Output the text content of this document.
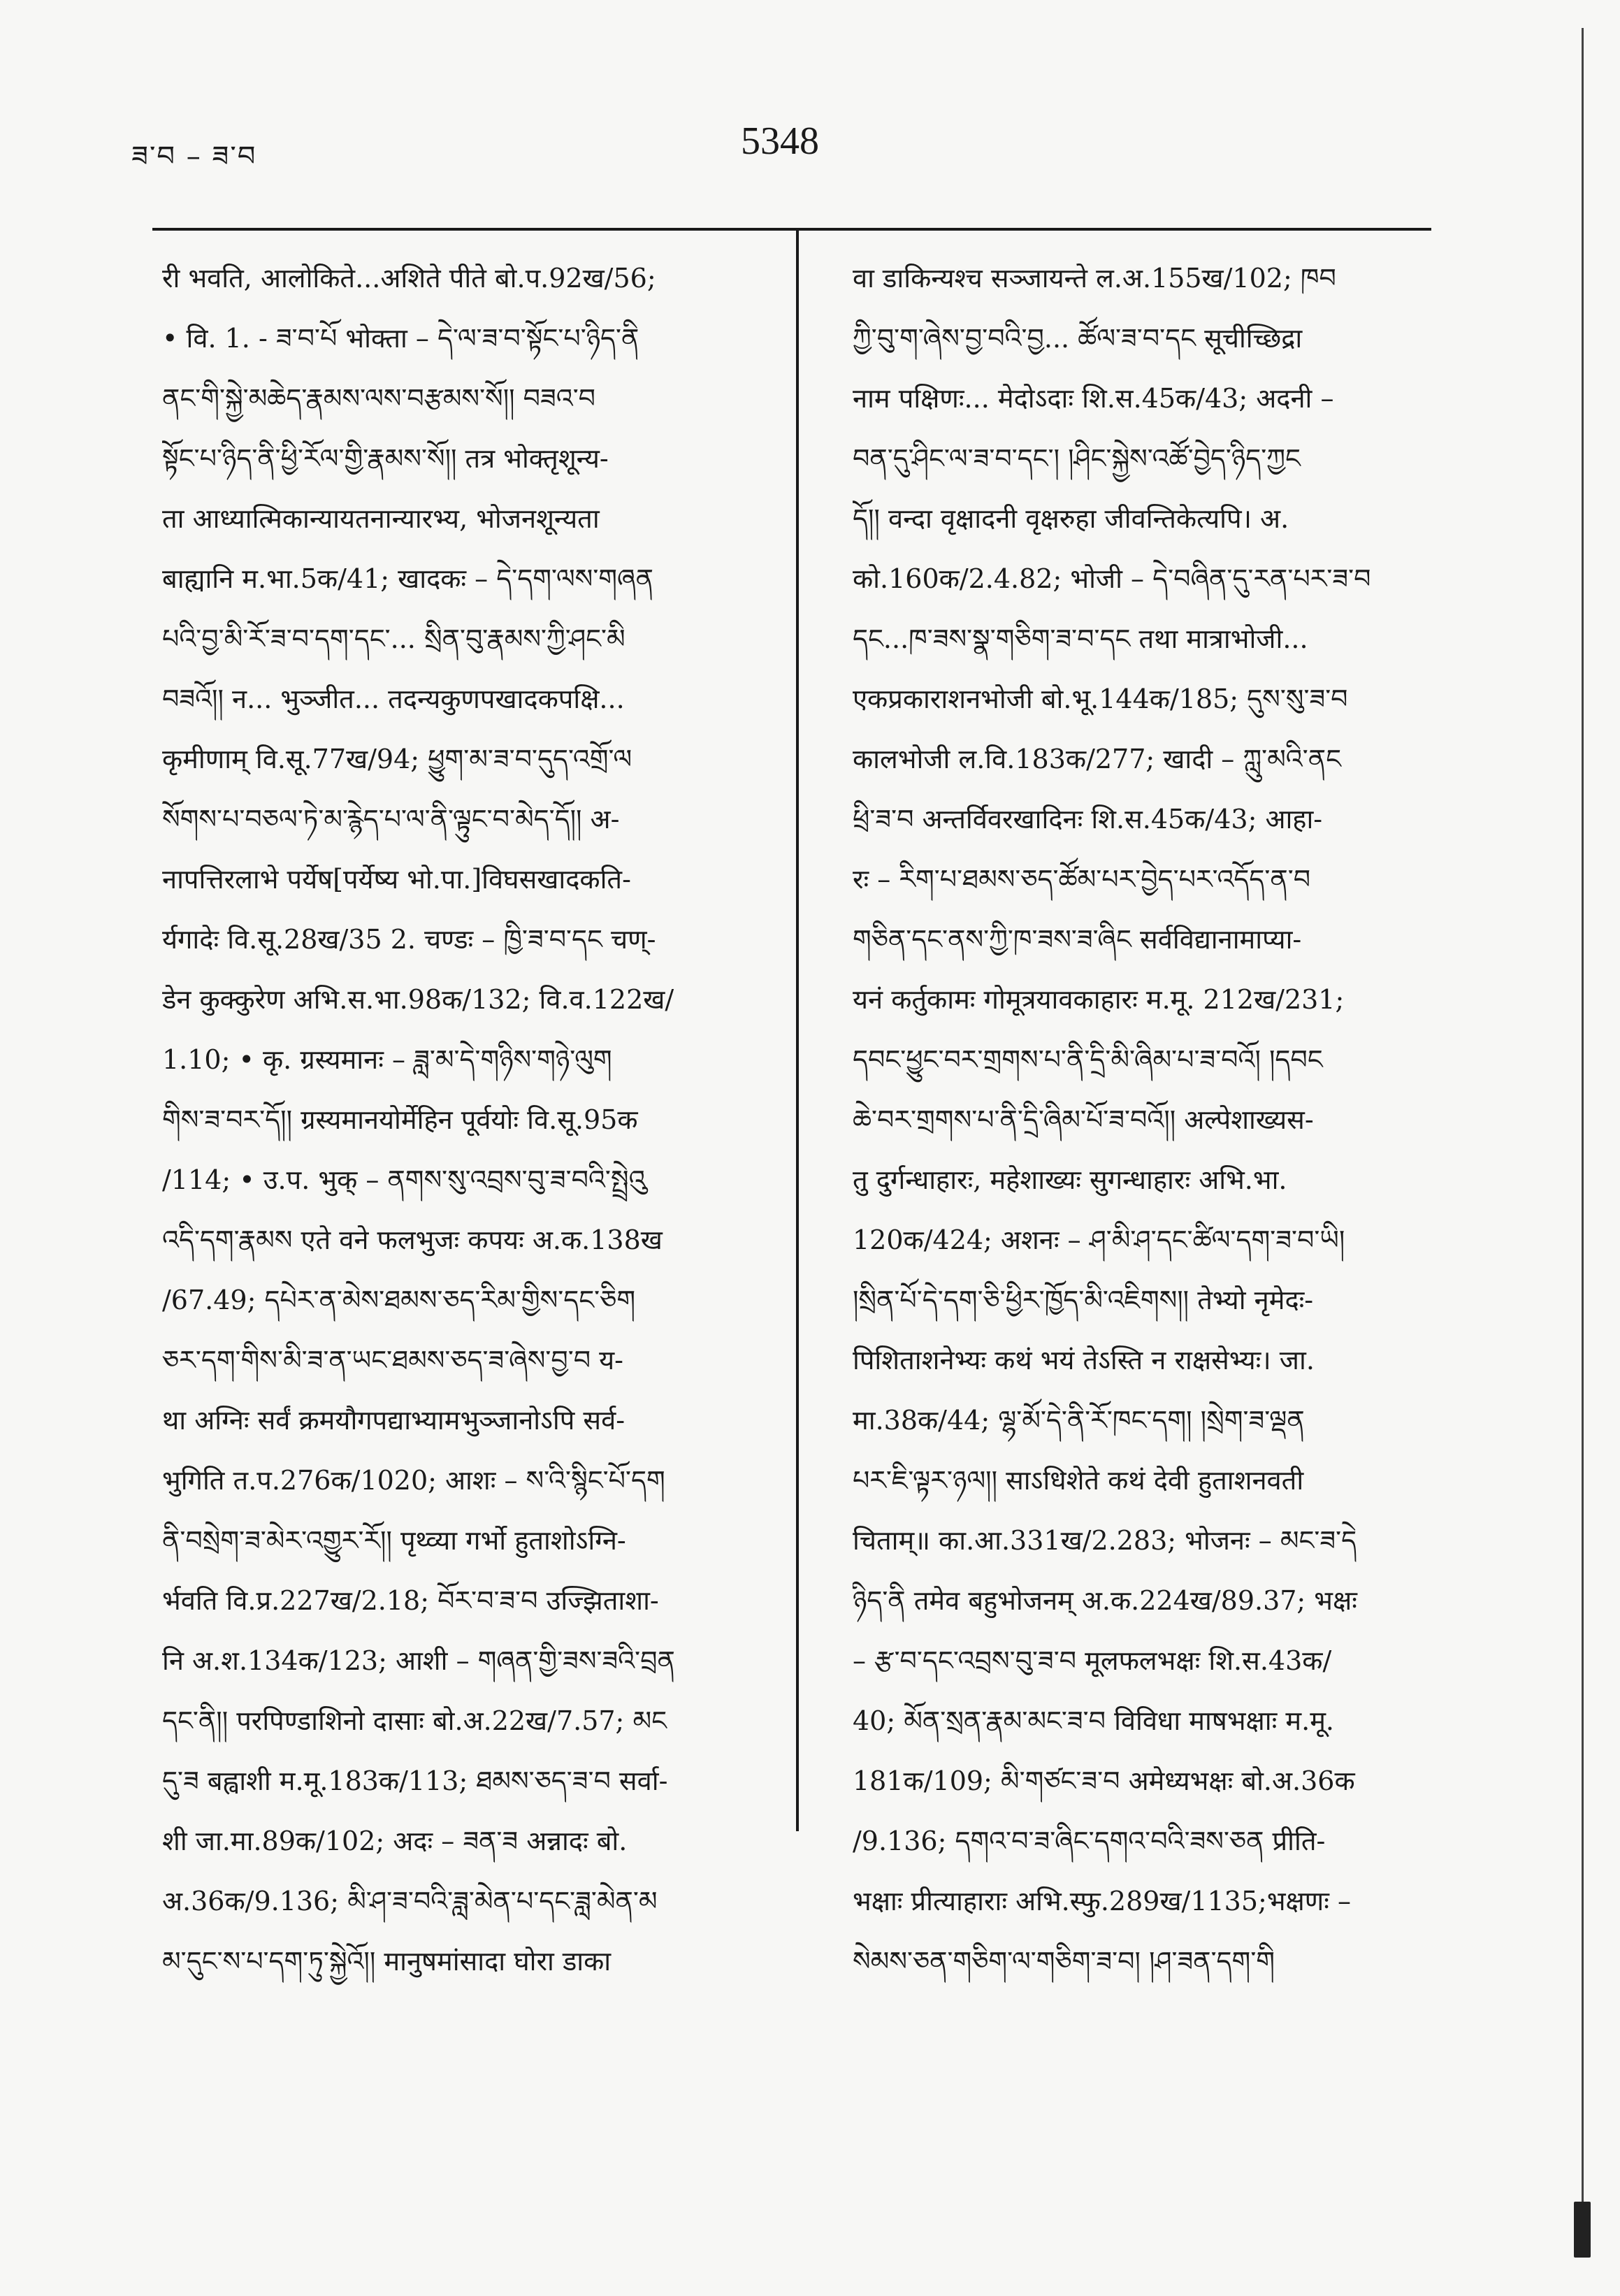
ཟ་བ – ཟ་བ	5348
री भवति, आलोकिते...अशिते पीते बो.प.92ख/56;
• वि. 1. ‑ ཟ་བ་པོ भोक्ता – དེ་ལ་ཟ་བ་སྟོང་པ་ཉིད་ནི
ནང་གི་སྐྱེ་མཆེད་རྣམས་ལས་བརྩམས་སོ།། བཟའ་བ
སྟོང་པ་ཉིད་ནི་ཕྱི་རོལ་གྱི་རྣམས་སོ།། तत्र भोक्तृशून्य-
ता आध्यात्मिकान्यायतनान्यारभ्य, भोजनशून्यता
बाह्यानि म.भा.5क/41; खादकः – དེ་དག་ལས་གཞན
པའི་བྱ་མི་རོ་ཟ་བ་དག་དང་... སྲིན་བུ་རྣམས་ཀྱི་ཤང་མི
བཟའོ།། न... भुञ्जीत... तदन्यकुणपखादकपक्षि...
कृमीणाम् वि.सू.77ख/94; ཕྱུག་མ་ཟ་བ་དུད་འགྲོ་ལ
སོགས་པ་བཅལ་ཏེ་མ་རྙེད་པ་ལ་ནི་ལྟུང་བ་མེད་དོ།། अ-
नापत्तिरलाभे पर्येष[पर्येष्य भो.पा.]विघसखादकति-
र्यगादेः वि.सू.28ख/35 2. चण्डः – ཁྱི་ཟ་བ་དང चण्-
डेन कुक्कुरेण अभि.स.भा.98क/132; वि.व.122ख/
1.10; • कृ. ग्रस्यमानः – ཟླ་མ་དེ་གཉིས་གཉེ་ལུག
གིས་ཟ་བར་དོ།། ग्रस्यमानयोर्मेहिन पूर्वयोः वि.सू.95क
/114; • उ.प. भुक् – ནགས་སུ་འབྲས་བུ་ཟ་བའི་སྤྲེའུ
འདི་དག་རྣམས एते वने फलभुजः कपयः अ.क.138ख
/67.49; དཔེར་ན་མེས་ཐམས་ཅད་རིམ་གྱིས་དང་ཅིག
ཅར་དག་གིས་མི་ཟ་ན་ཡང་ཐམས་ཅད་ཟ་ཞེས་བྱ་བ य-
था अग्निः सर्वं क्रमयौगपद्याभ्यामभुञ्जानोऽपि सर्व-
भुगिति त.प.276क/1020; आशः – ས་འི་སྙིང་པོ་དག
ནི་བསྲེག་ཟ་མེར་འགྱུར་རོ།། पृथ्व्या गर्भो हुताशोऽग्नि-
र्भवति वि.प्र.227ख/2.18; བོར་བ་ཟ་བ उज्झिताशा-
नि अ.श.134क/123; आशी – གཞན་གྱི་ཟས་ཟའི་བྲན
དང་ནི།། परपिण्डाशिनो दासाः बो.अ.22ख/7.57; མང
དུ་ཟ बह्वाशी म.मू.183क/113; ཐམས་ཅད་ཟ་བ सर्वा-
शी जा.मा.89क/102; अदः – ཟན་ཟ अन्नादः बो.
अ.36क/9.136; མི་ཤ་ཟ་བའི་ཟླ་མེན་པ་དང་ཟླ་མེན་མ
མ་དུང་ས་པ་དག་ཏུ་སྐྱེའོ།། मानुषमांसादा घोरा डाका
वा डाकिन्यश्च सञ्जायन्ते ल.अ.155ख/102; ཁབ
ཀྱི་བུ་ག་ཞེས་བྱ་བའི་བྱ... ཚོལ་ཟ་བ་དང सूचीच्छिद्रा
नाम पक्षिणः... मेदोऽदाः शि.स.45क/43; अदनी –
བན་དུ་ཤིང་ལ་ཟ་བ་དང་། །ཤིང་སྐྱེས་འཚོ་བྱེད་ཉིད་ཀྱང
དོ།། वन्दा वृक्षादनी वृक्षरुहा जीवन्तिकेत्यपि। अ.
को.160क/2.4.82; भोजी – དེ་བཞིན་དུ་རན་པར་ཟ་བ
དང...ཁ་ཟས་སྣ་གཅིག་ཟ་བ་དང तथा मात्राभोजी...
एकप्रकाराशनभोजी बो.भू.144क/185; དུས་སུ་ཟ་བ
कालभोजी ल.वि.183क/277; खादी – ཀླུ་མའི་ནང
ཕྲི་ཟ་བ अन्तर्विवरखादिनः शि.स.45क/43; आहा-
रः – རིག་པ་ཐམས་ཅད་ཚོམ་པར་བྱེད་པར་འདོད་ན་བ
གཅིན་དང་ནས་ཀྱི་ཁ་ཟས་ཟ་ཞིང सर्वविद्यानामाप्या-
यनं कर्तुकामः गोमूत्रयावकाहारः म.मू. 212ख/231;
དབང་ཕྱུང་བར་གྲགས་པ་ནི་དྲི་མི་ཞིམ་པ་ཟ་བའོ། །དབང
ཆེ་བར་གྲགས་པ་ནི་དྲི་ཞིམ་པོ་ཟ་བའོ།། अल्पेशाख्यस-
तु दुर्गन्धाहारः, महेशाख्यः सुगन्धाहारः अभि.भा.
120क/424; अशनः – ཤ་མི་ཤ་དང་ཚིལ་དག་ཟ་བ་ཡི།
།སྲིན་པོ་དེ་དག་ཅི་ཕྱིར་ཁྱོད་མི་འཇིགས།། तेभ्यो नृमेदः-
पिशिताशनेभ्यः कथं भयं तेऽस्ति न राक्षसेभ्यः। जा.
मा.38क/44; ལྷ་མོ་དེ་ནི་རོ་ཁང་དག། །སྲེག་ཟ་ལྡན
པར་ཇི་ལྟར་ཉལ།། साऽधिशेते कथं देवी हुताशनवती
चिताम्॥ का.आ.331ख/2.283; भोजनः – མང་ཟ་དེ
ཉིད་ནི तमेव बहुभोजनम् अ.क.224ख/89.37; भक्षः
– རྩ་བ་དང་འབྲས་བུ་ཟ་བ मूलफलभक्षः शि.स.43क/
40; མོན་སྲན་རྣམ་མང་ཟ་བ विविधा माषभक्षाः म.मू.
181क/109; མི་གཙང་ཟ་བ अमेध्यभक्षः बो.अ.36क
/9.136; དགའ་བ་ཟ་ཞིང་དགའ་བའི་ཟས་ཅན प्रीति-
भक्षाः प्रीत्याहाराः अभि.स्फु.289ख/1135;भक्षणः –
སེམས་ཅན་གཅིག་ལ་གཅིག་ཟ་བ། །ཤ་ཟན་དག་གི
